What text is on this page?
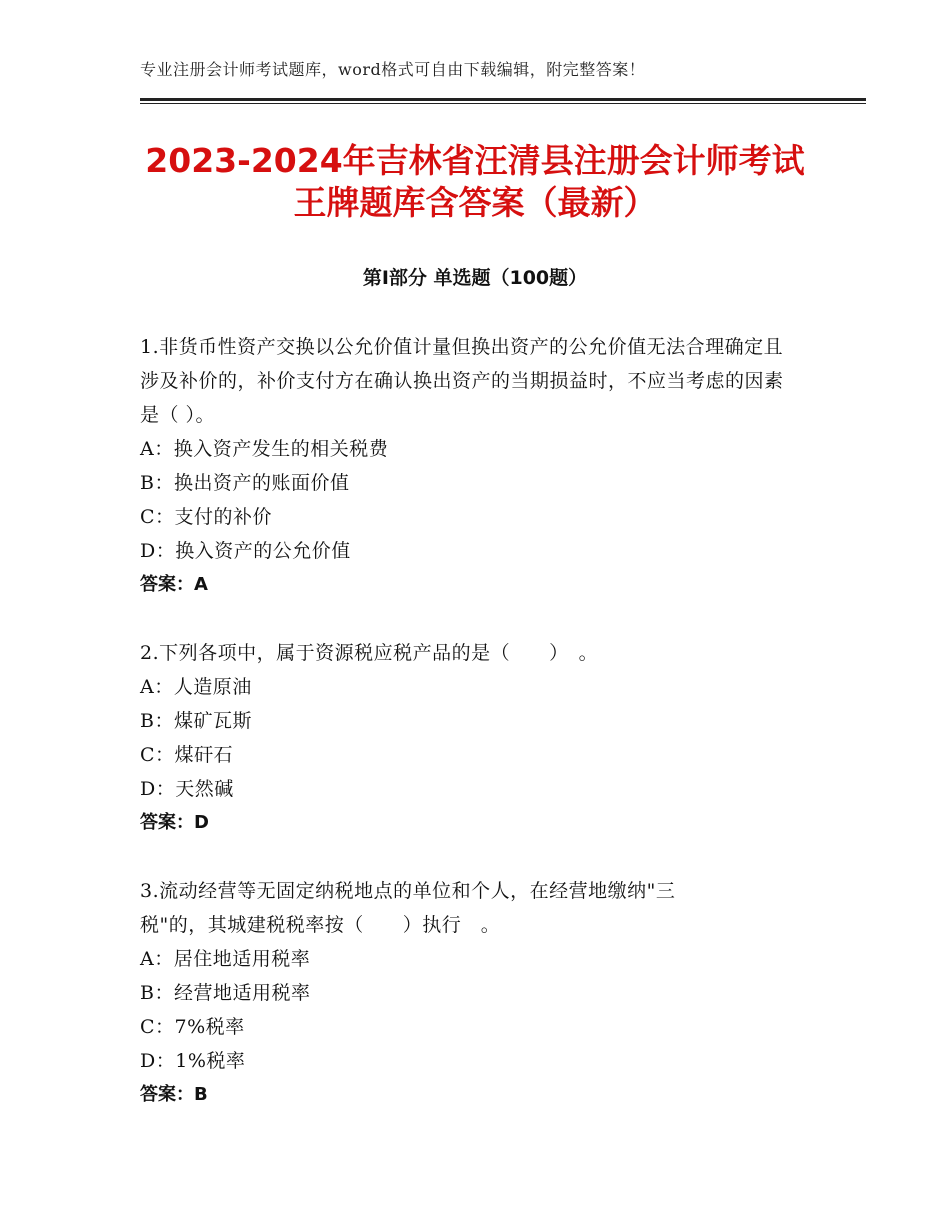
专业注册会计师考试题库，word格式可自由下载编辑，附完整答案！
2023-2024年吉林省汪清县注册会计师考试
王牌题库含答案（最新）
第Ⅰ部分 单选题（100题）

1.非货币性资产交换以公允价值计量但换出资产的公允价值无法合理确定且涉及补价的，补价支付方在确认换出资产的当期损益时，不应当考虑的因素是（ ）。

A：换入资产发生的相关税费

B：换出资产的账面价值

C：支付的补价

D：换入资产的公允价值

答案：A

2.下列各项中，属于资源税应税产品的是（　　）　。

A：人造原油

B：煤矿瓦斯

C：煤矸石

D：天然碱

答案：D

3.流动经营等无固定纳税地点的单位和个人，在经营地缴纳"三税"的，其城建税税率按（　　）执行　。

A：居住地适用税率

B：经营地适用税率

C：7%税率

D：1%税率

答案：B
